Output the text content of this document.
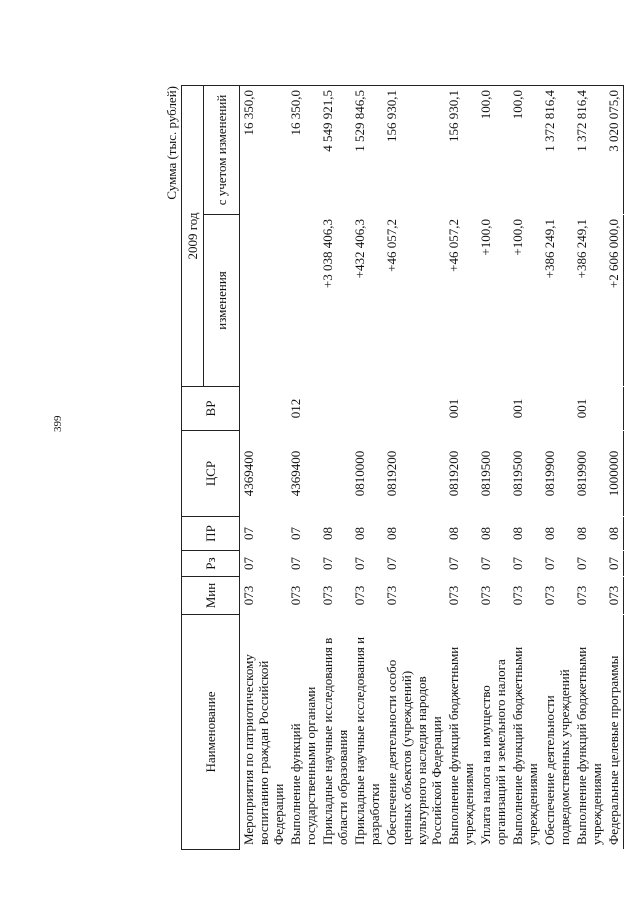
399
Сумма (тыс. рублей)
Наименование	Мин	Рз	ПР	ЦСР	ВР	2009 год	
						изменения	с учетом изменений
Мероприятия по патриотическому воспитанию граждан Российской Федерации	073	07	07	4369400			16 350,0
Выполнение функций государственными органами	073	07	07	4369400	012		16 350,0
Прикладные научные исследования в области образования	073	07	08			+3 038 406,3	4 549 921,5
Прикладные научные исследования и разработки	073	07	08	0810000		+432 406,3	1 529 846,5
Обеспечение деятельности особо ценных объектов (учреждений) культурного наследия народов Российской Федерации	073	07	08	0819200		+46 057,2	156 930,1
Выполнение функций бюджетными учреждениями	073	07	08	0819200	001	+46 057,2	156 930,1
Уплата налога на имущество организаций и земельного налога	073	07	08	0819500		+100,0	100,0
Выполнение функций бюджетными учреждениями	073	07	08	0819500	001	+100,0	100,0
Обеспечение деятельности подведомственных учреждений	073	07	08	0819900		+386 249,1	1 372 816,4
Выполнение функций бюджетными учреждениями	073	07	08	0819900	001	+386 249,1	1 372 816,4
Федеральные целевые программы	073	07	08	1000000		+2 606 000,0	3 020 075,0
